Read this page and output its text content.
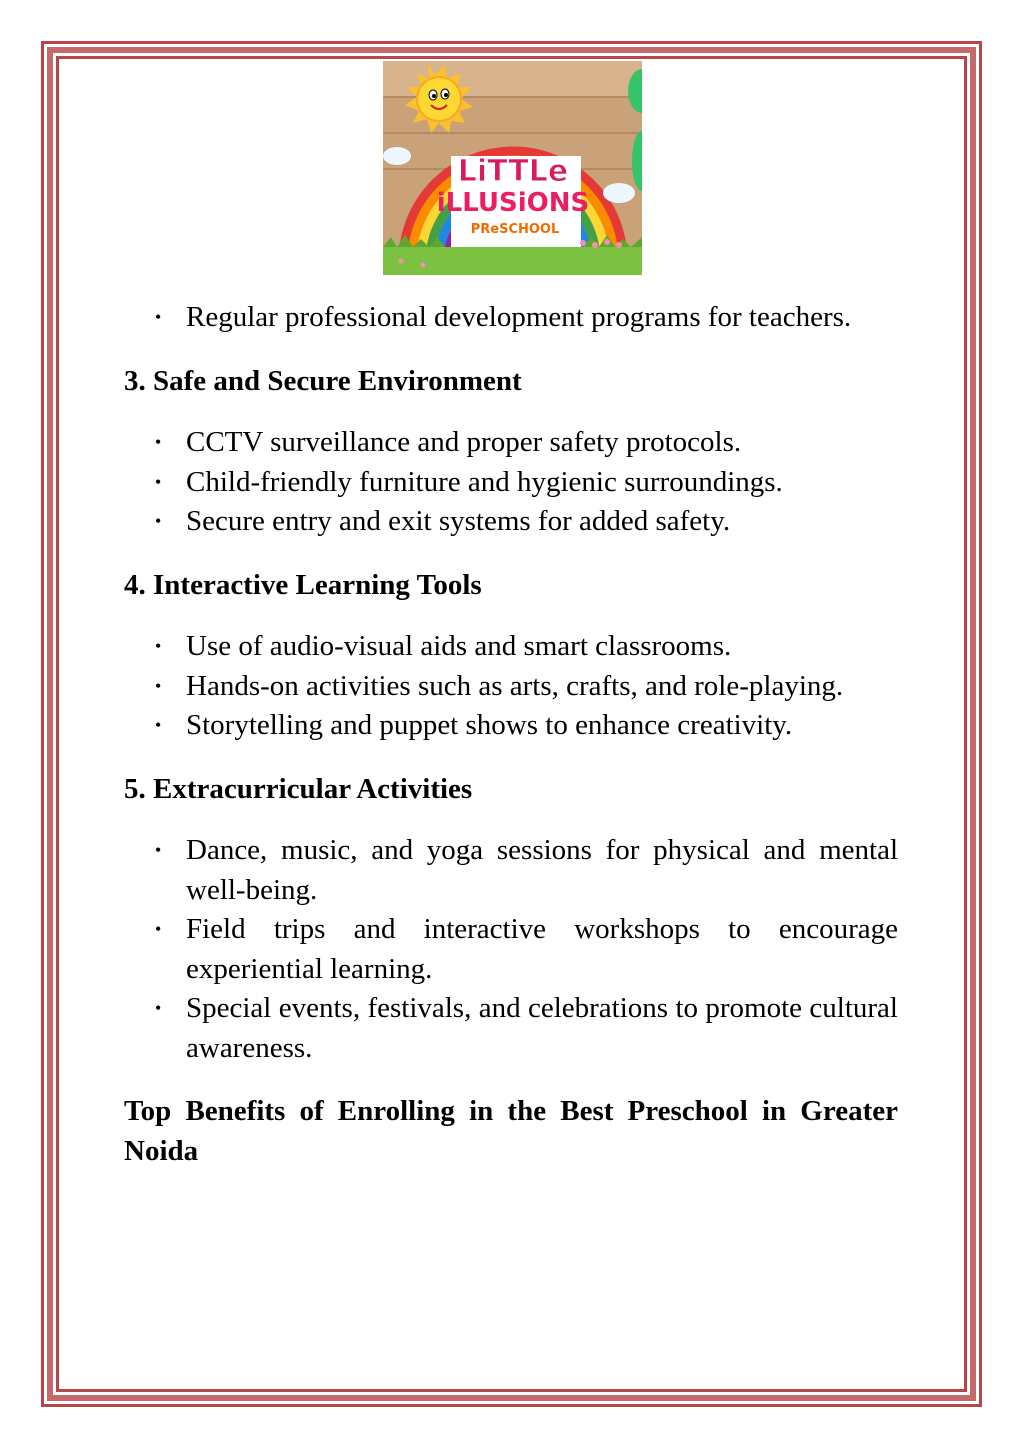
LiTTLe
iLLUSiONS
PReSCHOOL
• Regular professional development programs for teachers.
3. Safe and Secure Environment
• CCTV surveillance and proper safety protocols.
• Child-friendly furniture and hygienic surroundings.
• Secure entry and exit systems for added safety.
4. Interactive Learning Tools
• Use of audio-visual aids and smart classrooms.
• Hands-on activities such as arts, crafts, and role-playing.
• Storytelling and puppet shows to enhance creativity.
5. Extracurricular Activities
• Dance, music, and yoga sessions for physical and mental well-being.
• Field trips and interactive workshops to encourage experiential learning.
• Special events, festivals, and celebrations to promote cultural awareness.
Top Benefits of Enrolling in the Best Preschool in Greater Noida
